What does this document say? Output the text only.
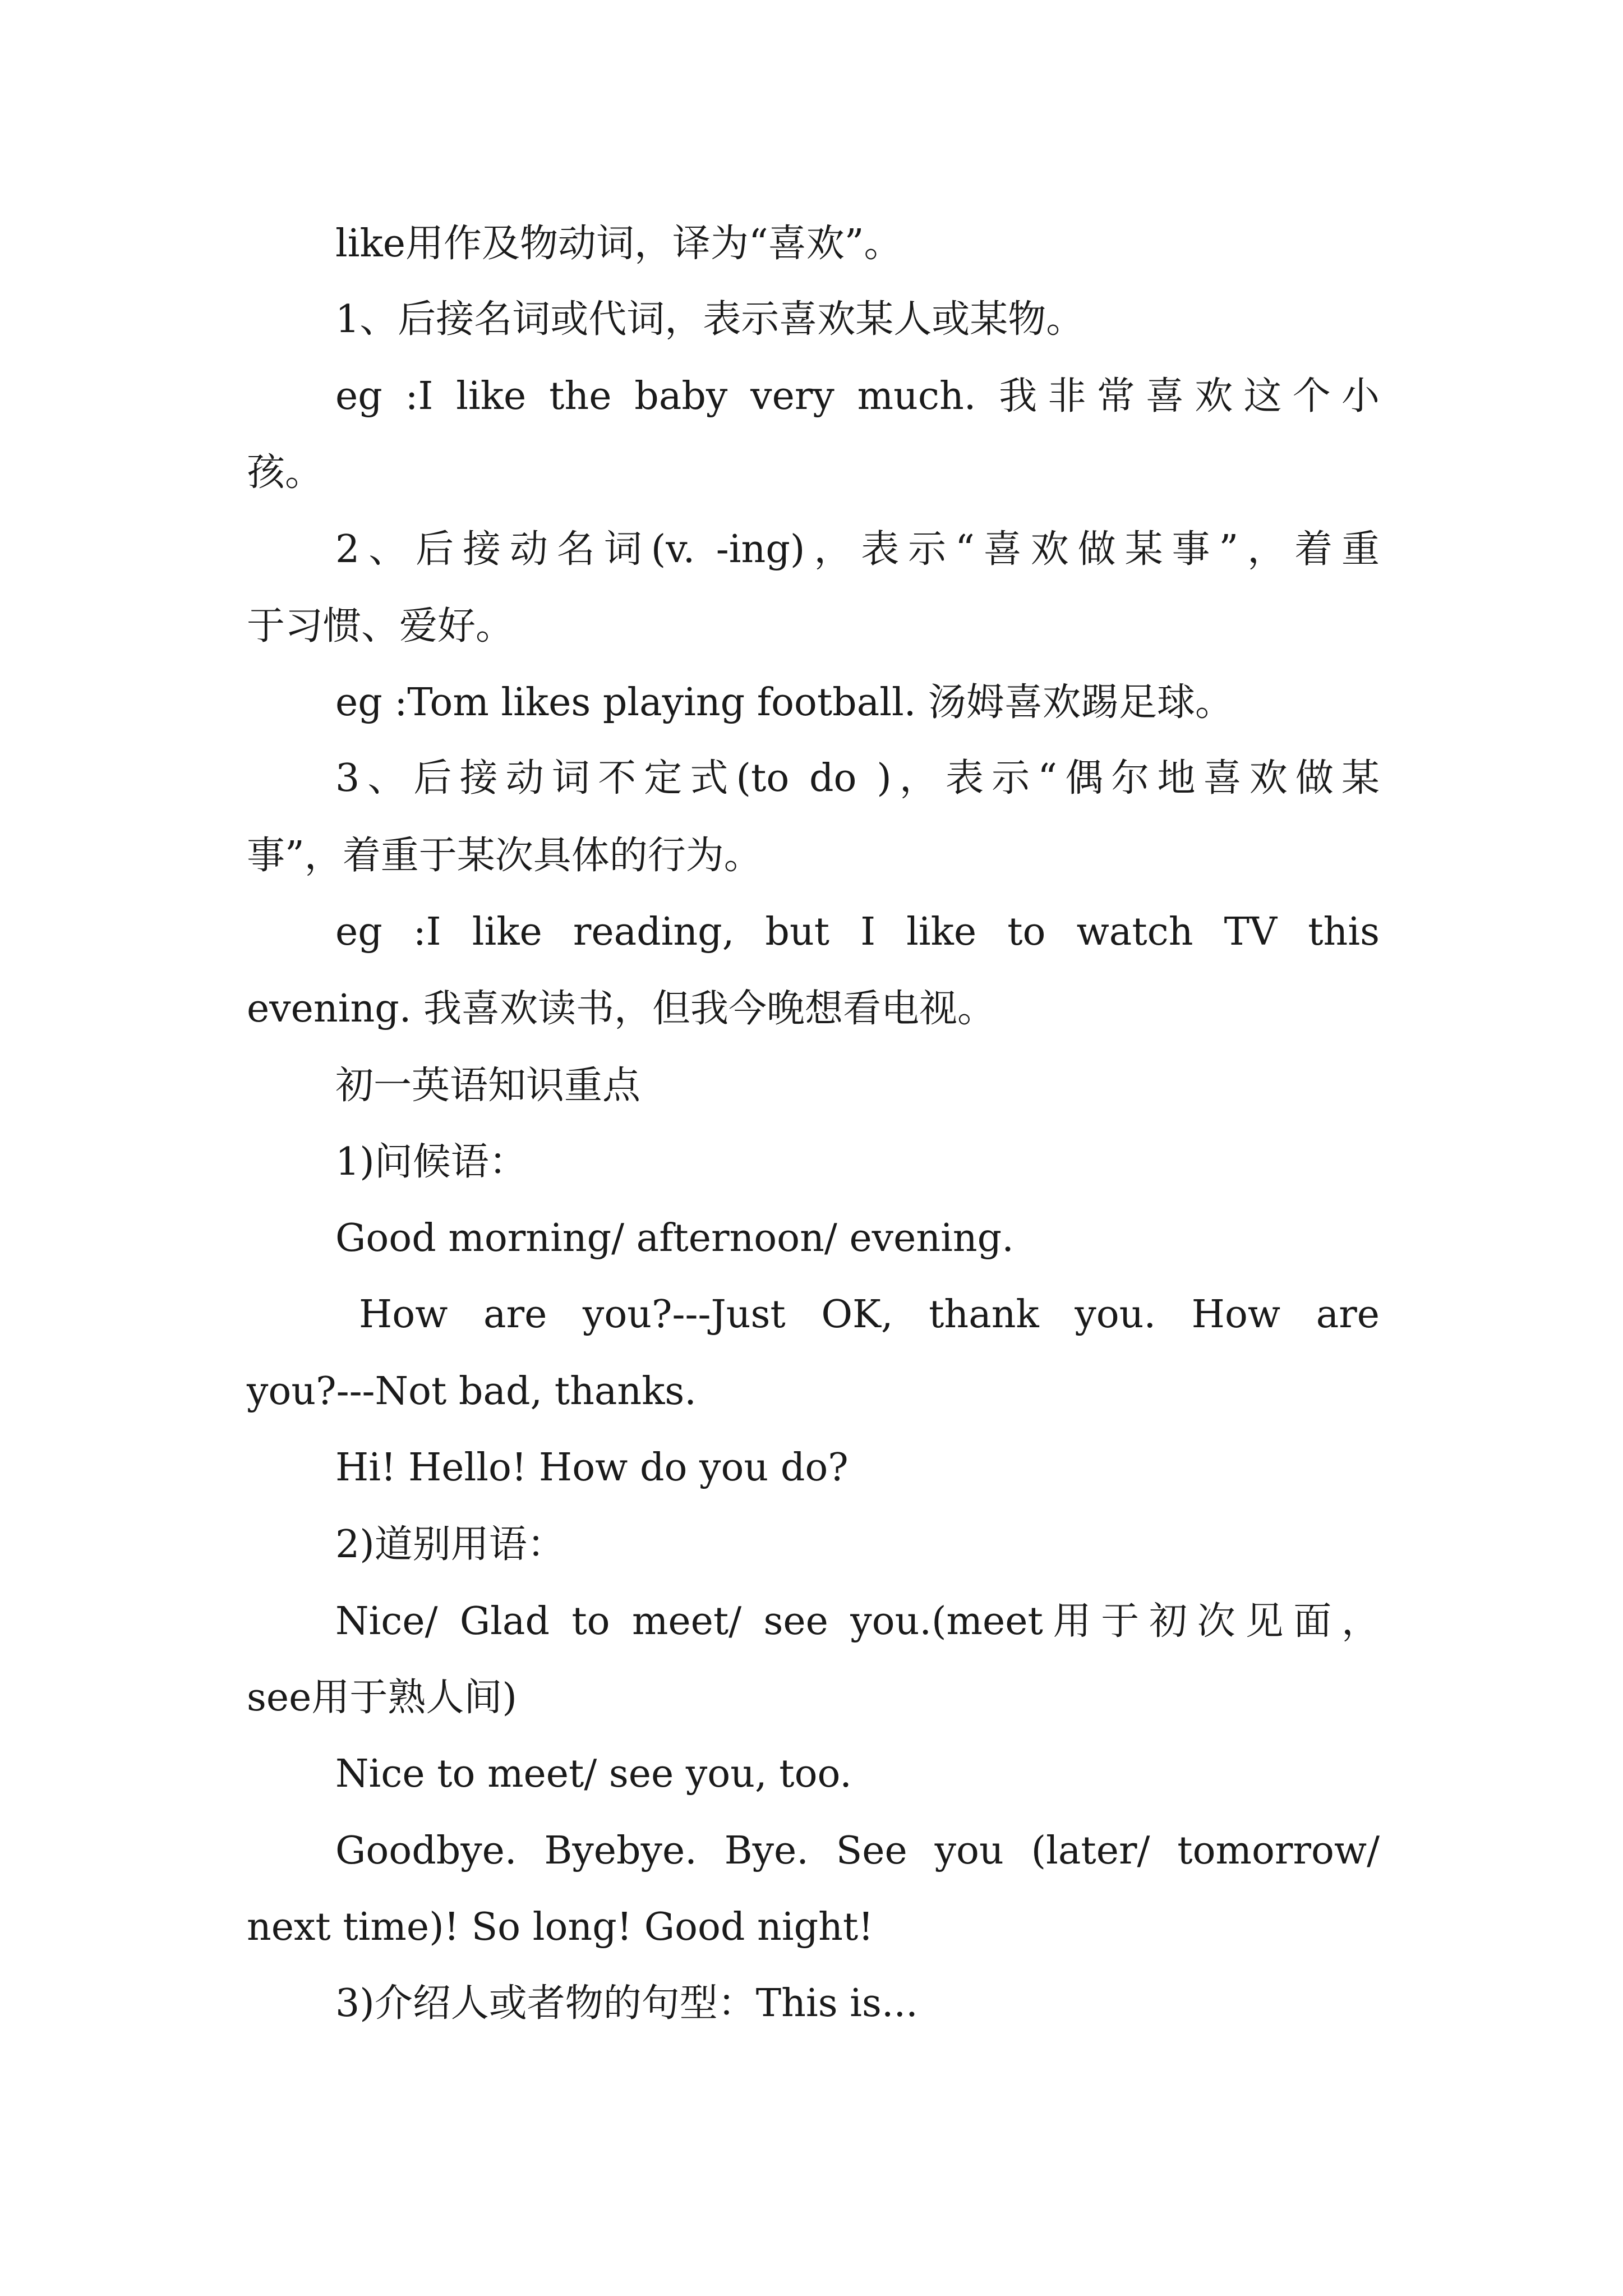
like用作及物动词，译为“喜欢”。
1、后接名词或代词，表示喜欢某人或某物。
eg :I like the baby very much. 我非常喜欢这个小
孩。
2、后接动名词(v. -ing)，表示“喜欢做某事”，着重
于习惯、爱好。
eg :Tom likes playing football. 汤姆喜欢踢足球。
3、后接动词不定式(to do )，表示“偶尔地喜欢做某
事”，着重于某次具体的行为。
eg :I like reading, but I like to watch TV this
evening. 我喜欢读书，但我今晚想看电视。
初一英语知识重点
1)问候语：
Good morning/ afternoon/ evening.
How are you?---Just OK, thank you. How are
you?---Not bad, thanks.
Hi! Hello! How do you do?
2)道别用语：
Nice/ Glad to meet/ see you.(meet用于初次见面，
see用于熟人间)
Nice to meet/ see you, too.
Goodbye. Byebye. Bye. See you (later/ tomorrow/
next time)! So long! Good night!
3)介绍人或者物的句型：This is...
